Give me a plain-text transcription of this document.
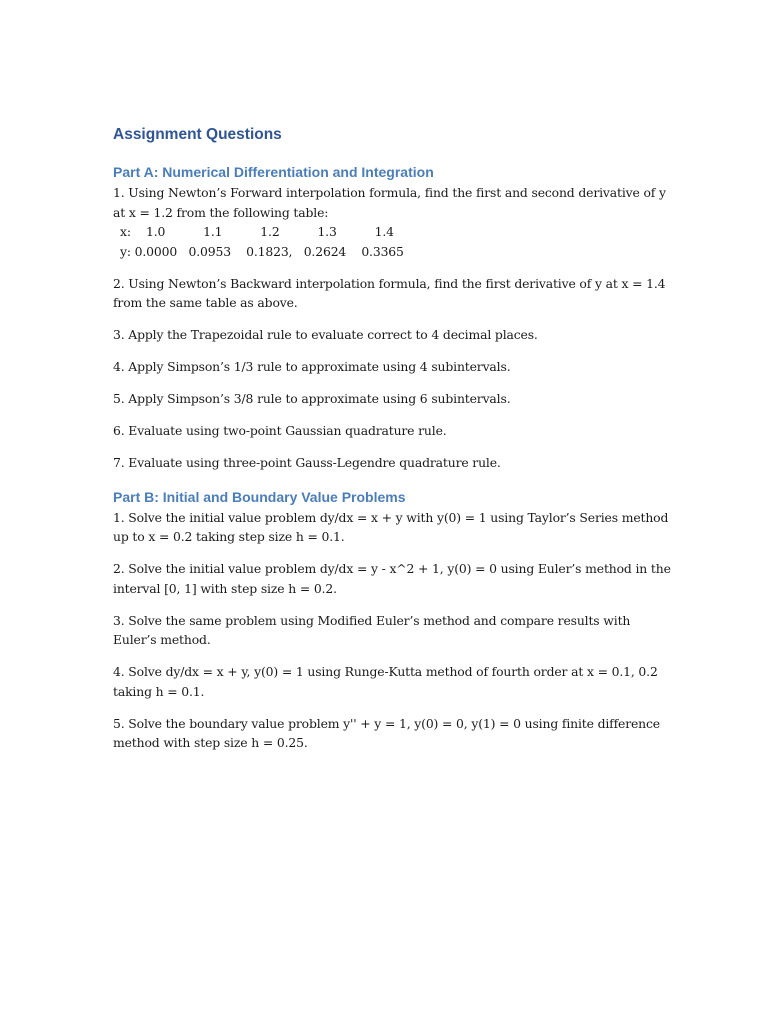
Assignment Questions
Part A: Numerical Differentiation and Integration

1. Using Newton’s Forward interpolation formula, find the first and second derivative of y at x = 1.2 from the following table:

x:    1.0          1.1          1.2          1.3          1.4
y: 0.0000   0.0953    0.1823,   0.2624    0.3365

2. Using Newton’s Backward interpolation formula, find the first derivative of y at x = 1.4 from the same table as above.

3. Apply the Trapezoidal rule to evaluate correct to 4 decimal places.

4. Apply Simpson’s 1/3 rule to approximate using 4 subintervals.

5. Apply Simpson’s 3/8 rule to approximate using 6 subintervals.

6. Evaluate using two-point Gaussian quadrature rule.

7. Evaluate using three-point Gauss-Legendre quadrature rule.

Part B: Initial and Boundary Value Problems

1. Solve the initial value problem dy/dx = x + y with y(0) = 1 using Taylor’s Series method up to x = 0.2 taking step size h = 0.1.

2. Solve the initial value problem dy/dx = y - x^2 + 1, y(0) = 0 using Euler’s method in the interval [0, 1] with step size h = 0.2.

3. Solve the same problem using Modified Euler’s method and compare results with Euler’s method.

4. Solve dy/dx = x + y, y(0) = 1 using Runge-Kutta method of fourth order at x = 0.1, 0.2 taking h = 0.1.

5. Solve the boundary value problem y'' + y = 1, y(0) = 0, y(1) = 0 using finite difference method with step size h = 0.25.
